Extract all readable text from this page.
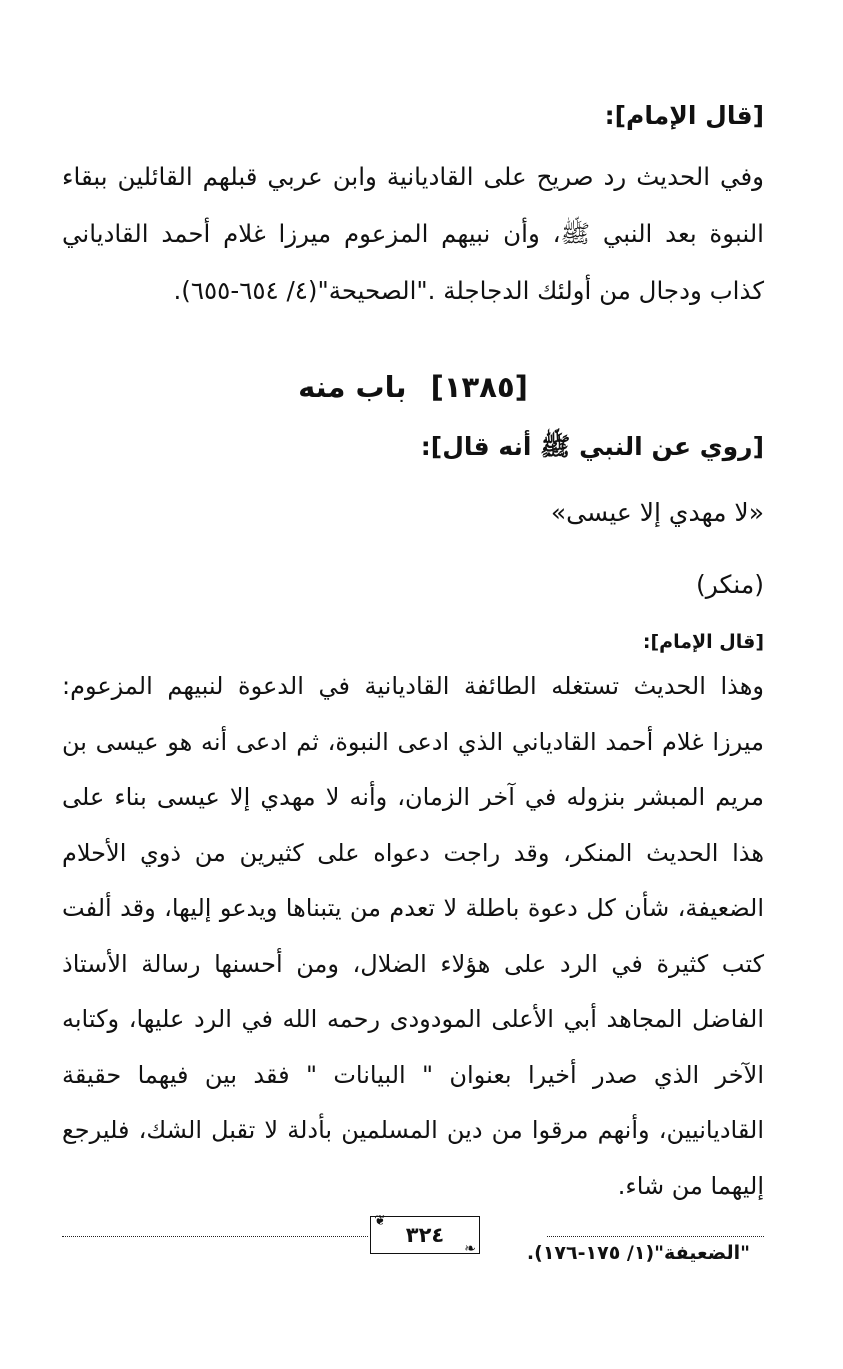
[قال الإمام]:

وفي الحديث رد صريح على القاديانية وابن عربي قبلهم القائلين ببقاء النبوة بعد النبي ﷺ، وأن نبيهم المزعوم ميرزا غلام أحمد القادياني كذاب ودجال من أولئك الدجاجلة ."الصحيحة"(٤/ ٦٥٤-٦٥٥).

[١٣٨٥] باب منه
[روي عن النبي ﷺ أنه قال]:
«لا مهدي إلا عيسى»
(منكر)
[قال الإمام]:

وهذا الحديث تستغله الطائفة القاديانية في الدعوة لنبيهم المزعوم: ميرزا غلام أحمد القادياني الذي ادعى النبوة، ثم ادعى أنه هو عيسى بن مريم المبشر بنزوله في آخر الزمان، وأنه لا مهدي إلا عيسى بناء على هذا الحديث المنكر، وقد راجت دعواه على كثيرين من ذوي الأحلام الضعيفة، شأن كل دعوة باطلة لا تعدم من يتبناها ويدعو إليها، وقد ألفت كتب كثيرة في الرد على هؤلاء الضلال، ومن أحسنها رسالة الأستاذ الفاضل المجاهد أبي الأعلى المودودى رحمه الله في الرد عليها، وكتابه الآخر الذي صدر أخيرا بعنوان " البيانات " فقد بين فيهما حقيقة القاديانيين، وأنهم مرقوا من دين المسلمين بأدلة لا تقبل الشك، فليرجع إليهما من شاء.

"الضعيفة"(١/ ١٧٥-١٧٦).
❦
٣٢٤
❧
